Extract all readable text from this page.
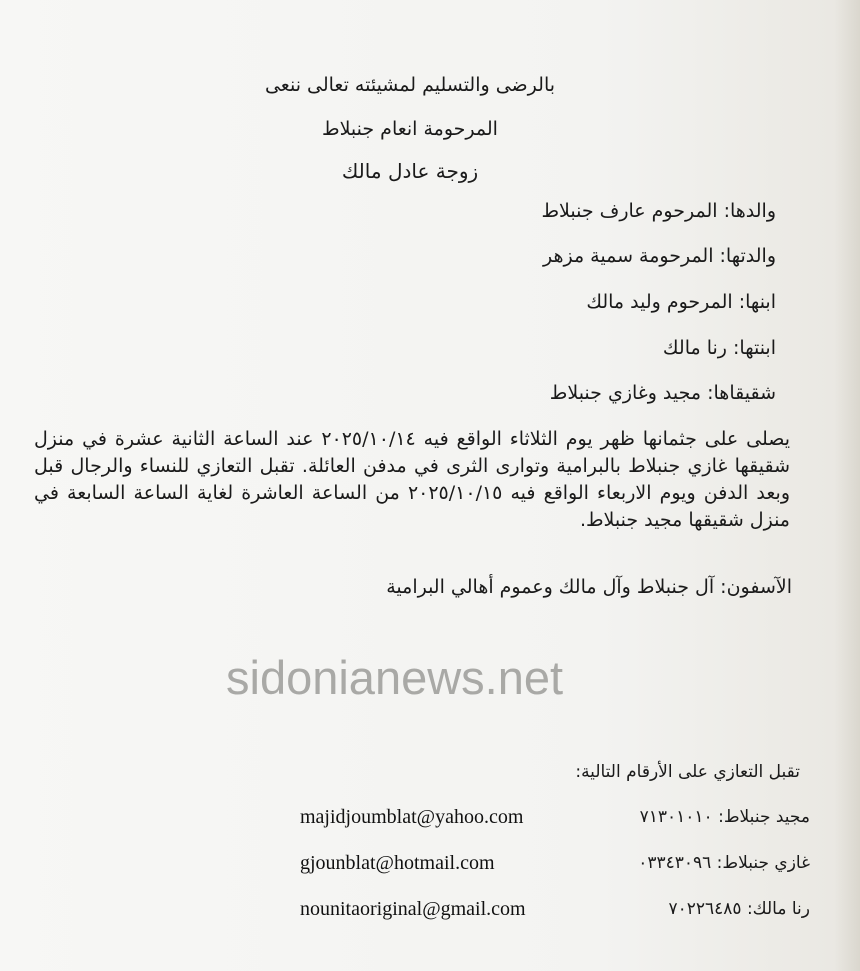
بالرضى والتسليم لمشيئته تعالى ننعى
المرحومة انعام جنبلاط
زوجة عادل مالك
والدها: المرحوم عارف جنبلاط
والدتها: المرحومة سمية مزهر
ابنها: المرحوم وليد مالك
ابنتها: رنا مالك
شقيقاها: مجيد وغازي جنبلاط
يصلى على جثمانها ظهر يوم الثلاثاء الواقع فيه ٢٠٢٥/١٠/١٤ عند الساعة الثانية عشرة في منزل شقيقها غازي جنبلاط بالبرامية وتوارى الثرى في مدفن العائلة. تقبل التعازي للنساء والرجال قبل وبعد الدفن ويوم الاربعاء الواقع فيه ٢٠٢٥/١٠/١٥ من الساعة العاشرة لغاية الساعة السابعة في منزل شقيقها مجيد جنبلاط.
الآسفون: آل جنبلاط وآل مالك وعموم أهالي البرامية
sidonianews.net
تقبل التعازي على الأرقام التالية:
majidjoumblat@yahoo.com	مجيد جنبلاط: ٧١٣٠١٠١٠
gjounblat@hotmail.com	غازي جنبلاط: ٠٣٣٤٣٠٩٦
nounitaoriginal@gmail.com	رنا مالك: ٧٠٢٢٦٤٨٥
